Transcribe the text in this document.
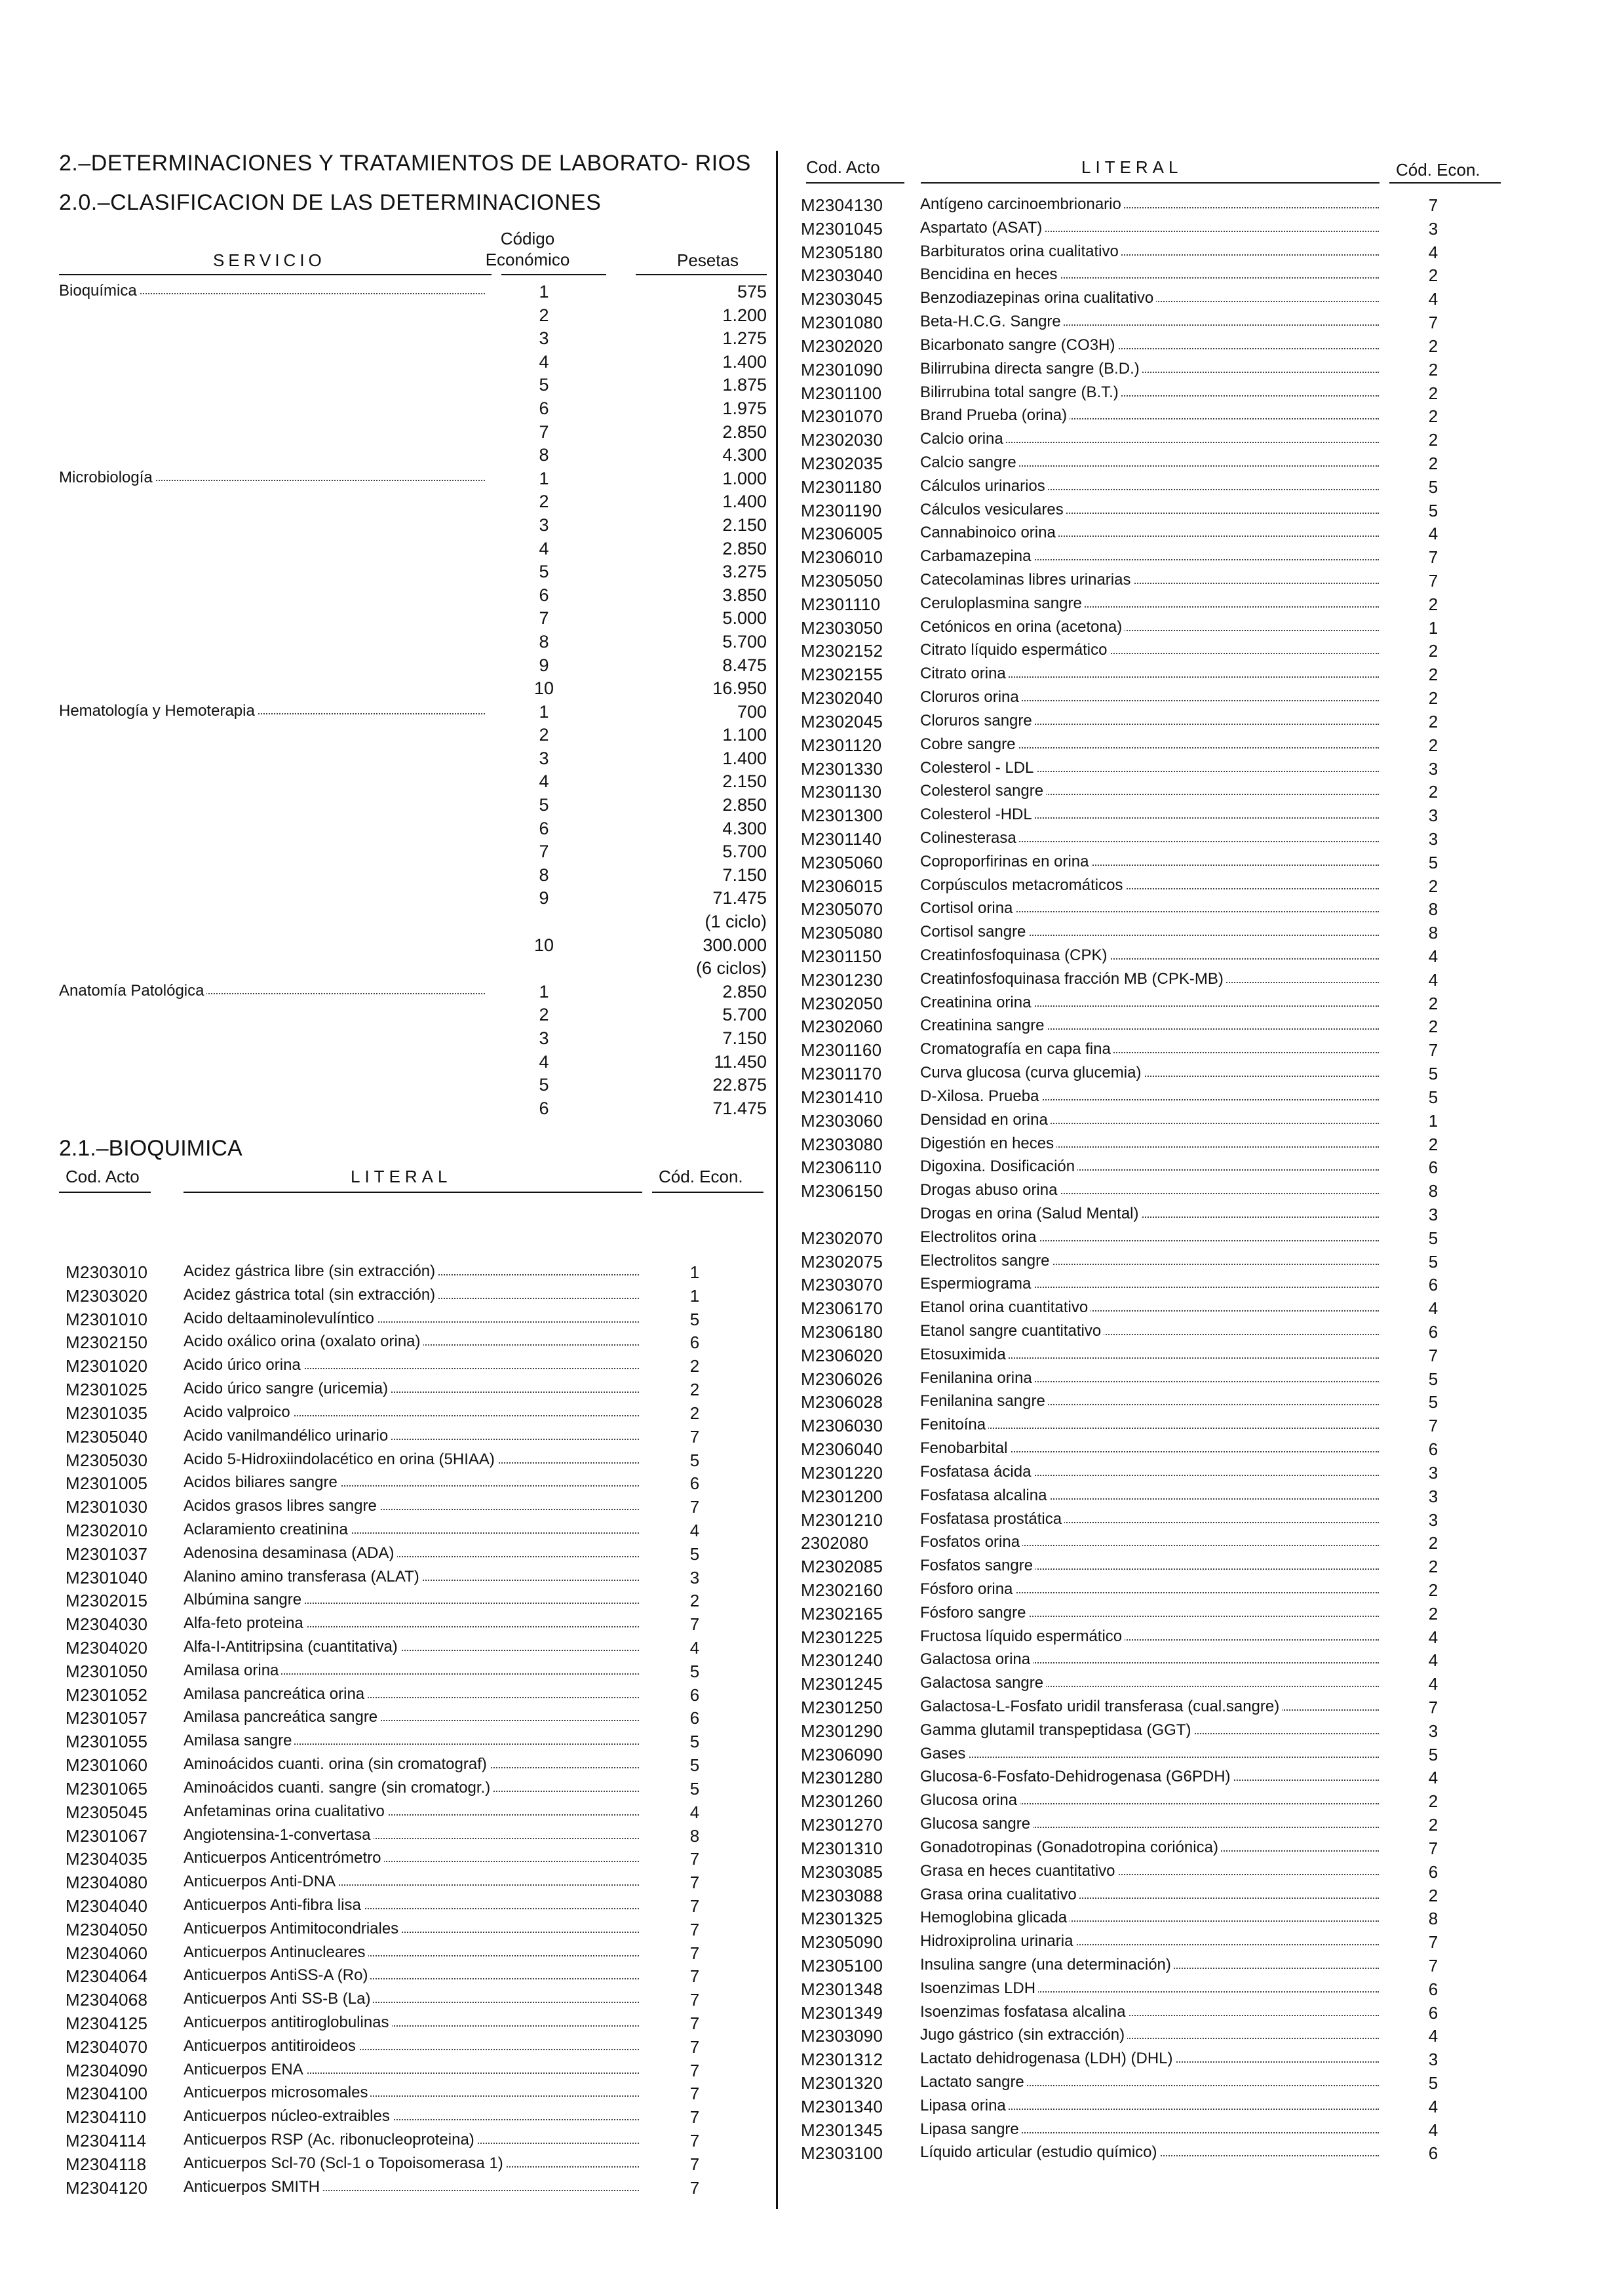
2.–DETERMINACIONES Y TRATAMIENTOS DE LABORATO- RIOS
2.0.–CLASIFICACION DE LAS DETERMINACIONES
SERVICIO
Código
Económico	Pesetas
Bioquímica	1	575
2	1.200
3	1.275
4	1.400
5	1.875
6	1.975
7	2.850
8	4.300
Microbiología	1	1.000
2	1.400
3	2.150
4	2.850
5	3.275
6	3.850
7	5.000
8	5.700
9	8.475
10	16.950
Hematología y Hemoterapia	1	700
2	1.100
3	1.400
4	2.150
5	2.850
6	4.300
7	5.700
8	7.150
9	71.475
(1 ciclo)
10	300.000
(6 ciclos)
Anatomía Patológica	1	2.850
2	5.700
3	7.150
4	11.450
5	22.875
6	71.475
2.1.–BIOQUIMICA
Cod. Acto	LITERAL	Cód. Econ.
M2303010 Acidez gástrica libre (sin extracción)	1
M2303020 Acidez gástrica total (sin extracción)	1
M2301010 Acido deltaaminolevulíntico	5
M2302150 Acido oxálico orina (oxalato orina)	6
M2301020 Acido úrico orina	2
M2301025 Acido úrico sangre (uricemia)	2
M2301035 Acido valproico	2
M2305040 Acido vanilmandélico urinario	7
M2305030 Acido 5-Hidroxiindolacético en orina (5HIAA)	5
M2301005 Acidos biliares sangre	6
M2301030 Acidos grasos libres sangre	7
M2302010 Aclaramiento creatinina	4
M2301037 Adenosina desaminasa (ADA)	5
M2301040 Alanino amino transferasa (ALAT)	3
M2302015 Albúmina sangre	2
M2304030 Alfa-feto proteina	7
M2304020 Alfa-I-Antitripsina (cuantitativa)	4
M2301050 Amilasa orina	5
M2301052 Amilasa pancreática orina	6
M2301057 Amilasa pancreática sangre	6
M2301055 Amilasa sangre	5
M2301060 Aminoácidos cuanti. orina (sin cromatograf)	5
M2301065 Aminoácidos cuanti. sangre (sin cromatogr.)	5
M2305045 Anfetaminas orina cualitativo	4
M2301067 Angiotensina-1-convertasa	8
M2304035 Anticuerpos Anticentrómetro	7
M2304080 Anticuerpos Anti-DNA	7
M2304040 Anticuerpos Anti-fibra lisa	7
M2304050 Anticuerpos Antimitocondriales	7
M2304060 Anticuerpos Antinucleares	7
M2304064 Anticuerpos AntiSS-A (Ro)	7
M2304068 Anticuerpos Anti SS-B (La)	7
M2304125 Anticuerpos antitiroglobulinas	7
M2304070 Anticuerpos antitiroideos	7
M2304090 Anticuerpos ENA	7
M2304100 Anticuerpos microsomales	7
M2304110 Anticuerpos núcleo-extraibles	7
M2304114 Anticuerpos RSP (Ac. ribonucleoproteina)	7
M2304118 Anticuerpos Scl-70 (Scl-1 o Topoisomerasa 1)	7
M2304120 Anticuerpos SMITH	7
Cod. Acto	LITERAL	Cód. Econ.
M2304130 Antígeno carcinoembrionario	7
M2301045 Aspartato (ASAT)	3
M2305180 Barbituratos orina cualitativo	4
M2303040 Bencidina en heces	2
M2303045 Benzodiazepinas orina cualitativo	4
M2301080 Beta-H.C.G. Sangre	7
M2302020 Bicarbonato sangre (CO3H)	2
M2301090 Bilirrubina directa sangre (B.D.)	2
M2301100 Bilirrubina total sangre (B.T.)	2
M2301070 Brand Prueba (orina)	2
M2302030 Calcio orina	2
M2302035 Calcio sangre	2
M2301180 Cálculos urinarios	5
M2301190 Cálculos vesiculares	5
M2306005 Cannabinoico orina	4
M2306010 Carbamazepina	7
M2305050 Catecolaminas libres urinarias	7
M2301110	Ceruloplasmina sangre	2
M2303050 Cetónicos en orina (acetona)	1
M2302152 Citrato líquido espermático	2
M2302155 Citrato orina	2
M2302040 Cloruros orina	2
M2302045 Cloruros sangre	2
M2301120 Cobre sangre	2
M2301330 Colesterol - LDL	3
M2301130 Colesterol sangre	2
M2301300 Colesterol -HDL	3
M2301140 Colinesterasa	3
M2305060 Coproporfirinas en orina	5
M2306015 Corpúsculos metacromáticos	2
M2305070 Cortisol orina	8
M2305080 Cortisol sangre	8
M2301150 Creatinfosfoquinasa (CPK)	4
M2301230 Creatinfosfoquinasa fracción MB (CPK-MB)	4
M2302050 Creatinina orina	2
M2302060 Creatinina sangre	2
M2301160 Cromatografía en capa fina	7
M2301170 Curva glucosa (curva glucemia)	5
M2301410 D-Xilosa. Prueba	5
M2303060 Densidad en orina	1
M2303080 Digestión en heces	2
M2306110 Digoxina. Dosificación	6
M2306150 Drogas abuso orina	8
Drogas en orina (Salud Mental)	3
M2302070 Electrolitos orina	5
M2302075 Electrolitos sangre	5
M2303070 Espermiograma	6
M2306170 Etanol orina cuantitativo	4
M2306180 Etanol sangre cuantitativo	6
M2306020 Etosuximida	7
M2306026 Fenilanina orina	5
M2306028 Fenilanina sangre	5
M2306030 Fenitoína	7
M2306040 Fenobarbital	6
M2301220 Fosfatasa ácida	3
M2301200 Fosfatasa alcalina	3
M2301210 Fosfatasa prostática	3
2302080	Fosfatos orina	2
M2302085 Fosfatos sangre	2
M2302160 Fósforo orina	2
M2302165 Fósforo sangre	2
M2301225 Fructosa líquido espermático	4
M2301240 Galactosa orina	4
M2301245 Galactosa sangre	4
M2301250 Galactosa-L-Fosfato uridil transferasa (cual.sangre)	7
M2301290 Gamma glutamil transpeptidasa (GGT)	3
M2306090 Gases	5
M2301280 Glucosa-6-Fosfato-Dehidrogenasa (G6PDH)	4
M2301260 Glucosa orina	2
M2301270 Glucosa sangre	2
M2301310 Gonadotropinas (Gonadotropina coriónica)	7
M2303085 Grasa en heces cuantitativo	6
M2303088 Grasa orina cualitativo	2
M2301325 Hemoglobina glicada	8
M2305090 Hidroxiprolina urinaria	7
M2305100 Insulina sangre (una determinación)	7
M2301348 Isoenzimas LDH	6
M2301349 Isoenzimas fosfatasa alcalina	6
M2303090 Jugo gástrico (sin extracción)	4
M2301312 Lactato dehidrogenasa (LDH) (DHL)	3
M2301320 Lactato sangre	5
M2301340 Lipasa orina	4
M2301345 Lipasa sangre	4
M2303100 Líquido articular (estudio químico)	6
